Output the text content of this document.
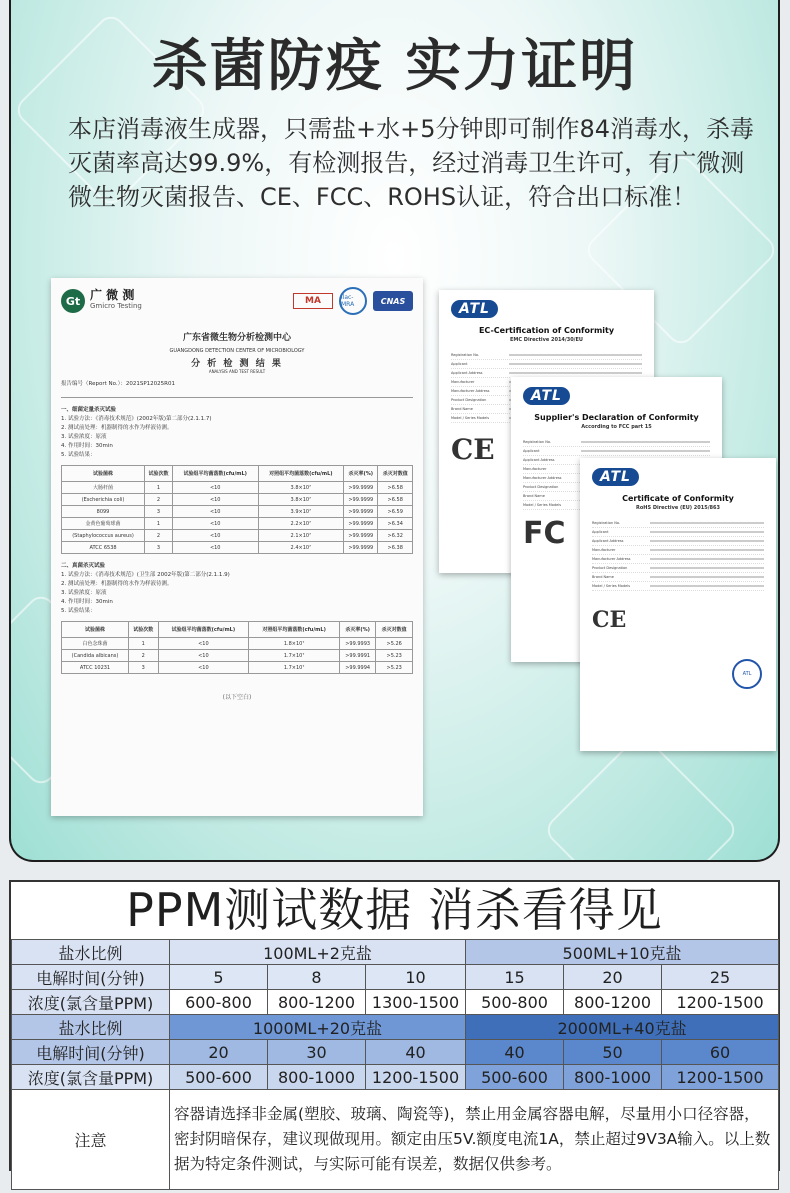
杀菌防疫 实力证明
本店消毒液生成器，只需盐+水+5分钟即可制作84消毒水，杀毒灭菌率高达99.9%，有检测报告，经过消毒卫生许可，有广微测微生物灭菌报告、CE、FCC、ROHS认证，符合出口标准！
Gt 广 微 测
Gmicro Testing	MA	ilac-MRA	CNAS
广东省微生物分析检测中心
GUANGDONG DETECTION CENTER OF MICROBIOLOGY
分 析 检 测 结 果
ANALYSIS AND TEST RESULT
报告编号（Report No.）：2021SP12025R01
一、细菌定量杀灭试验
1. 试验方法：《消毒技术规范》(2002年版)第二部分(2.1.1.7)
2. 测试前处理：机器制得的水作为样液待测。
3. 试验浓度：原液
4. 作用时间：30min
5. 试验结果：
试验菌株	试验次数	试验组平均菌落数(cfu/mL)	对照组平均菌落数(cfu/mL)	杀灭率(%)	杀灭对数值
大肠杆菌	1	<10	3.8×10⁷	>99.9999	>6.58
(Escherichia coli)	2	<10	3.8×10⁷	>99.9999	>6.58
8099	3	<10	3.9×10⁷	>99.9999	>6.59
金黄色葡萄球菌	1	<10	2.2×10⁷	>99.9999	>6.34
(Staphylococcus aureus)	2	<10	2.1×10⁷	>99.9999	>6.32
ATCC 6538	3	<10	2.4×10⁷	>99.9999	>6.38
二、真菌杀灭试验
1. 试验方法：《消毒技术规范》(卫生部 2002年版)第二部分(2.1.1.9)
2. 测试前处理：机器制得的水作为样液待测。
3. 试验浓度：原液
4. 作用时间：30min
5. 试验结果：
试验菌株	试验次数	试验组平均菌落数(cfu/mL)	对照组平均菌落数(cfu/mL)	杀灭率(%)	杀灭对数值
白色念珠菌	1	<10	1.8×10⁷	>99.9993	>5.26
(Candida albicans)	2	<10	1.7×10⁷	>99.9991	>5.23
ATCC 10231	3	<10	1.7×10⁷	>99.9994	>5.23
(以下空白)
ATL

EC-Certification of Conformity
EMC Directive 2014/30/EU
Registration No.
Applicant
Applicant Address
Manufacturer
Manufacturer Address
Product Designation
Brand Name
Model / Series Models
CE
ATL

Supplier's Declaration of Conformity
According to FCC part 15
Registration No.
Applicant
Applicant Address
Manufacturer
Manufacturer Address
Product Designation
Brand Name
Model / Series Models
FC
ATL

Certificate of Conformity
RoHS Directive (EU) 2015/863
Registration No.
Applicant
Applicant Address
Manufacturer
Manufacturer Address
Product Designation
Brand Name
Model / Series Models
CE
ATL
PPM测试数据 消杀看得见
盐水比例	100ML+2克盐			500ML+10克盐		
电解时间(分钟)	5	8	10	15	20	25
浓度(氯含量PPM)	600-800	800-1200	1300-1500	500-800	800-1200	1200-1500
盐水比例	1000ML+20克盐			2000ML+40克盐		
电解时间(分钟)	20	30	40	40	50	60
浓度(氯含量PPM)	500-600	800-1000	1200-1500	500-600	800-1000	1200-1500
注意	容器请选择非金属(塑胶、玻璃、陶瓷等)，禁止用金属容器电解，尽量用小口径容器，密封阴暗保存，建议现做现用。额定由压5V.额度电流1A，禁止超过9V3A输入。以上数据为特定条件测试，与实际可能有误差，数据仅供参考。					
